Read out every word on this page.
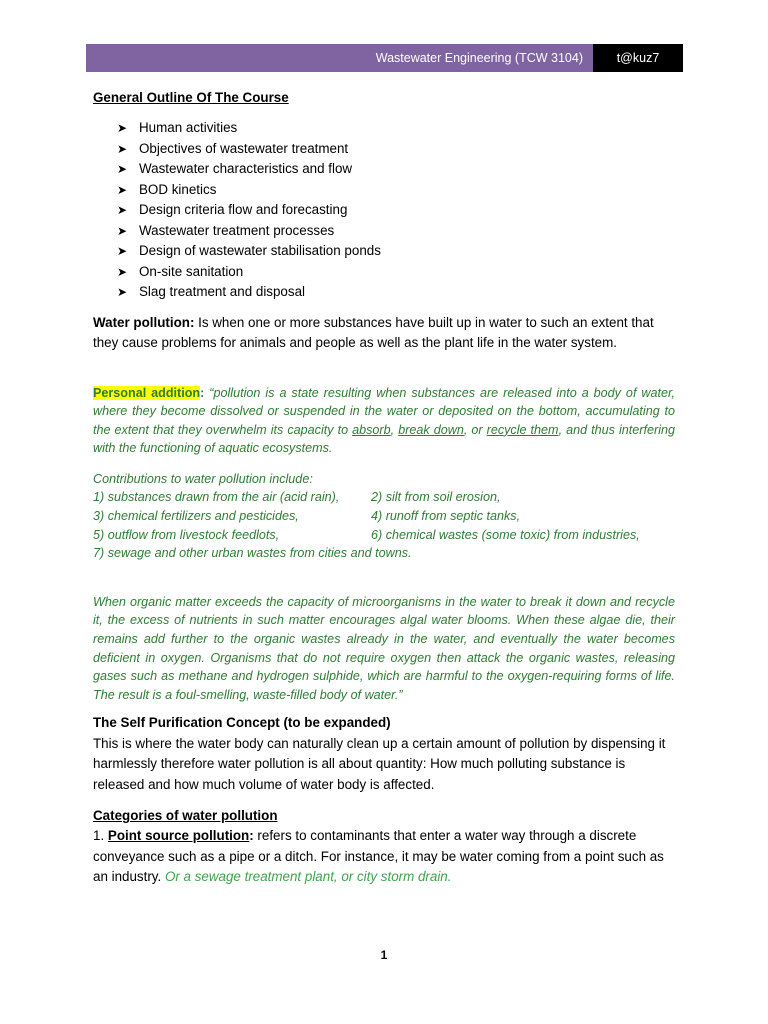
Wastewater Engineering (TCW 3104)	t@kuz7

General Outline Of The Course

➤ Human activities
➤ Objectives of wastewater treatment
➤ Wastewater characteristics and flow
➤ BOD kinetics
➤ Design criteria flow and forecasting
➤ Wastewater treatment processes
➤ Design of wastewater stabilisation ponds
➤ On-site sanitation
➤ Slag treatment and disposal

Water pollution: Is when one or more substances have built up in water to such an extent that they cause problems for animals and people as well as the plant life in the water system.

Personal addition: “pollution is a state resulting when substances are released into a body of water, where they become dissolved or suspended in the water or deposited on the bottom, accumulating to the extent that they overwhelm its capacity to absorb, break down, or recycle them, and thus interfering with the functioning of aquatic ecosystems.

Contributions to water pollution include:
1) substances drawn from the air (acid rain),	2) silt from soil erosion,
3) chemical fertilizers and pesticides,	4) runoff from septic tanks,
5) outflow from livestock feedlots,	6) chemical wastes (some toxic) from industries,
7) sewage and other urban wastes from cities and towns.

When organic matter exceeds the capacity of microorganisms in the water to break it down and recycle it, the excess of nutrients in such matter encourages algal water blooms. When these algae die, their remains add further to the organic wastes already in the water, and eventually the water becomes deficient in oxygen. Organisms that do not require oxygen then attack the organic wastes, releasing gases such as methane and hydrogen sulphide, which are harmful to the oxygen-requiring forms of life. The result is a foul-smelling, waste-filled body of water.”

The Self Purification Concept (to be expanded)

This is where the water body can naturally clean up a certain amount of pollution by dispensing it harmlessly therefore water pollution is all about quantity: How much polluting substance is released and how much volume of water body is affected.

Categories of water pollution

1. Point source pollution: refers to contaminants that enter a water way through a discrete conveyance such as a pipe or a ditch. For instance, it may be water coming from a point such as an industry. Or a sewage treatment plant, or city storm drain.

1
